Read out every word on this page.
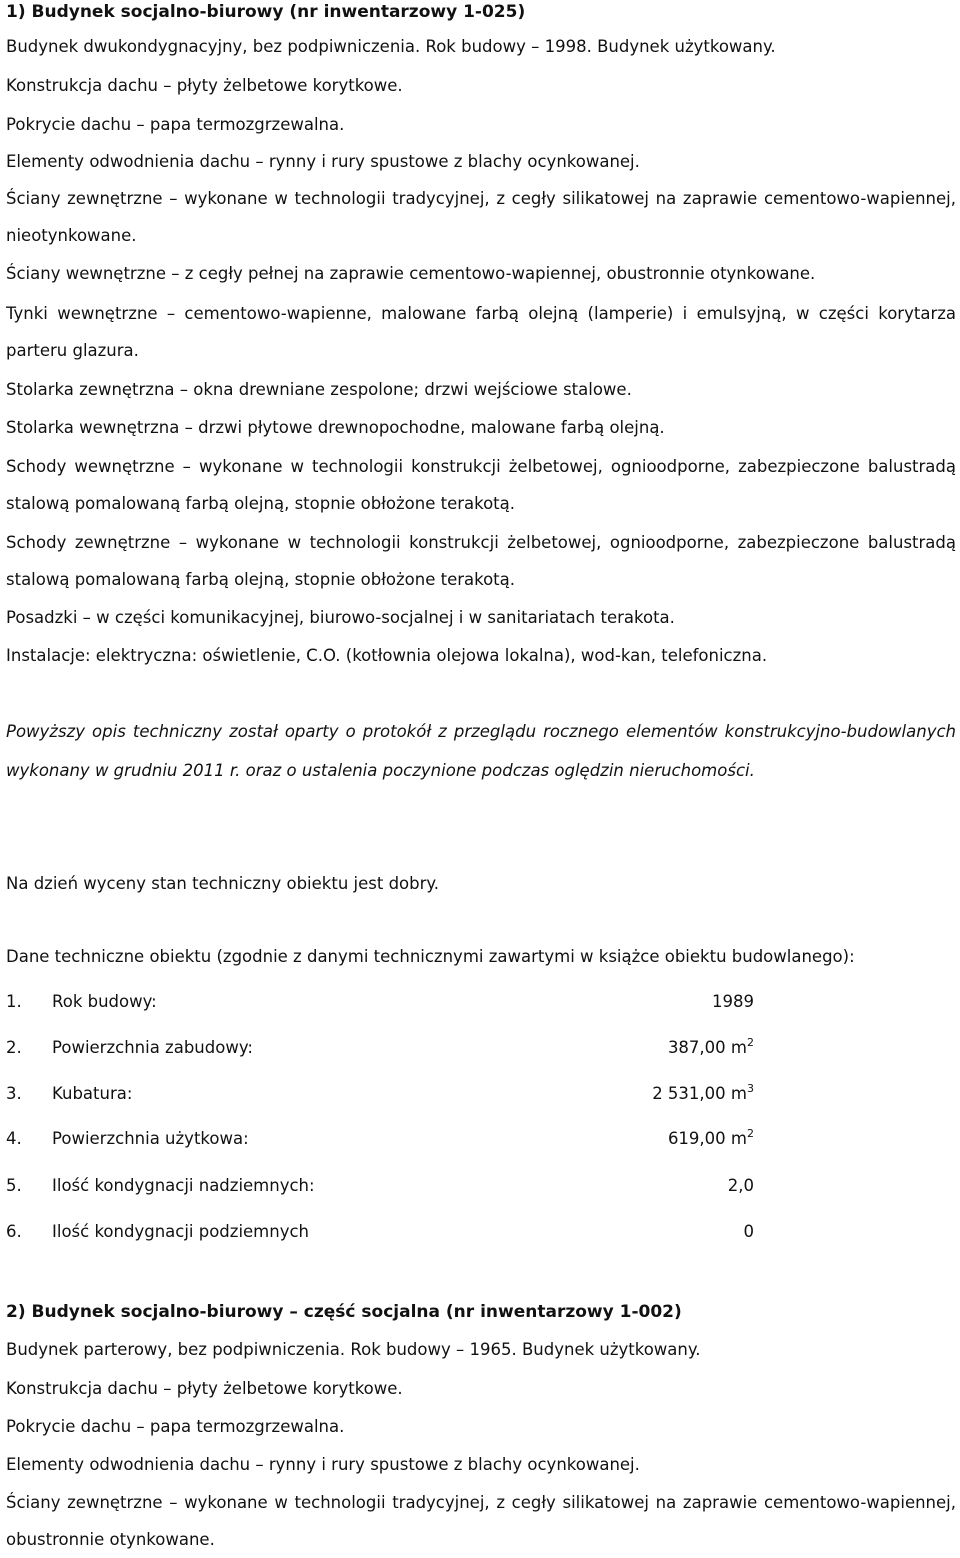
1) Budynek socjalno-biurowy (nr inwentarzowy 1-025)

Budynek dwukondygnacyjny, bez podpiwniczenia. Rok budowy – 1998. Budynek użytkowany.

Konstrukcja dachu – płyty żelbetowe korytkowe.

Pokrycie dachu – papa termozgrzewalna.

Elementy odwodnienia dachu – rynny i rury spustowe z blachy ocynkowanej.

Ściany zewnętrzne – wykonane w technologii tradycyjnej, z cegły silikatowej na zaprawie cementowo-wapiennej, nieotynkowane.

Ściany wewnętrzne – z cegły pełnej na zaprawie cementowo-wapiennej, obustronnie otynkowane.

Tynki wewnętrzne – cementowo-wapienne, malowane farbą olejną (lamperie) i emulsyjną, w części korytarza parteru glazura.

Stolarka zewnętrzna – okna drewniane zespolone; drzwi wejściowe stalowe.

Stolarka wewnętrzna – drzwi płytowe drewnopochodne, malowane farbą olejną.

Schody wewnętrzne – wykonane w technologii konstrukcji żelbetowej, ognioodporne, zabezpieczone balustradą stalową pomalowaną farbą olejną, stopnie obłożone terakotą.

Schody zewnętrzne – wykonane w technologii konstrukcji żelbetowej, ognioodporne, zabezpieczone balustradą stalową pomalowaną farbą olejną, stopnie obłożone terakotą.

Posadzki – w części komunikacyjnej, biurowo-socjalnej i w sanitariatach terakota.

Instalacje: elektryczna: oświetlenie, C.O. (kotłownia olejowa lokalna), wod-kan, telefoniczna.

Powyższy opis techniczny został oparty o protokół z przeglądu rocznego elementów konstrukcyjno-budowlanych wykonany w grudniu 2011 r. oraz o ustalenia poczynione podczas oględzin nieruchomości.

Na dzień wyceny stan techniczny obiektu jest dobry.

Dane techniczne obiektu (zgodnie z danymi technicznymi zawartymi w książce obiektu budowlanego):

1. Rok budowy:	1989
2. Powierzchnia zabudowy:	387,00 $m^2$
3. Kubatura:	2 531,00 $m^3$
4. Powierzchnia użytkowa:	619,00 $m^2$
5. Ilość kondygnacji nadziemnych:	2,0
6. Ilość kondygnacji podziemnych	0

2) Budynek socjalno-biurowy – część socjalna (nr inwentarzowy 1-002)

Budynek parterowy, bez podpiwniczenia. Rok budowy – 1965. Budynek użytkowany.

Konstrukcja dachu – płyty żelbetowe korytkowe.

Pokrycie dachu – papa termozgrzewalna.

Elementy odwodnienia dachu – rynny i rury spustowe z blachy ocynkowanej.

Ściany zewnętrzne – wykonane w technologii tradycyjnej, z cegły silikatowej na zaprawie cementowo-wapiennej, obustronnie otynkowane.
